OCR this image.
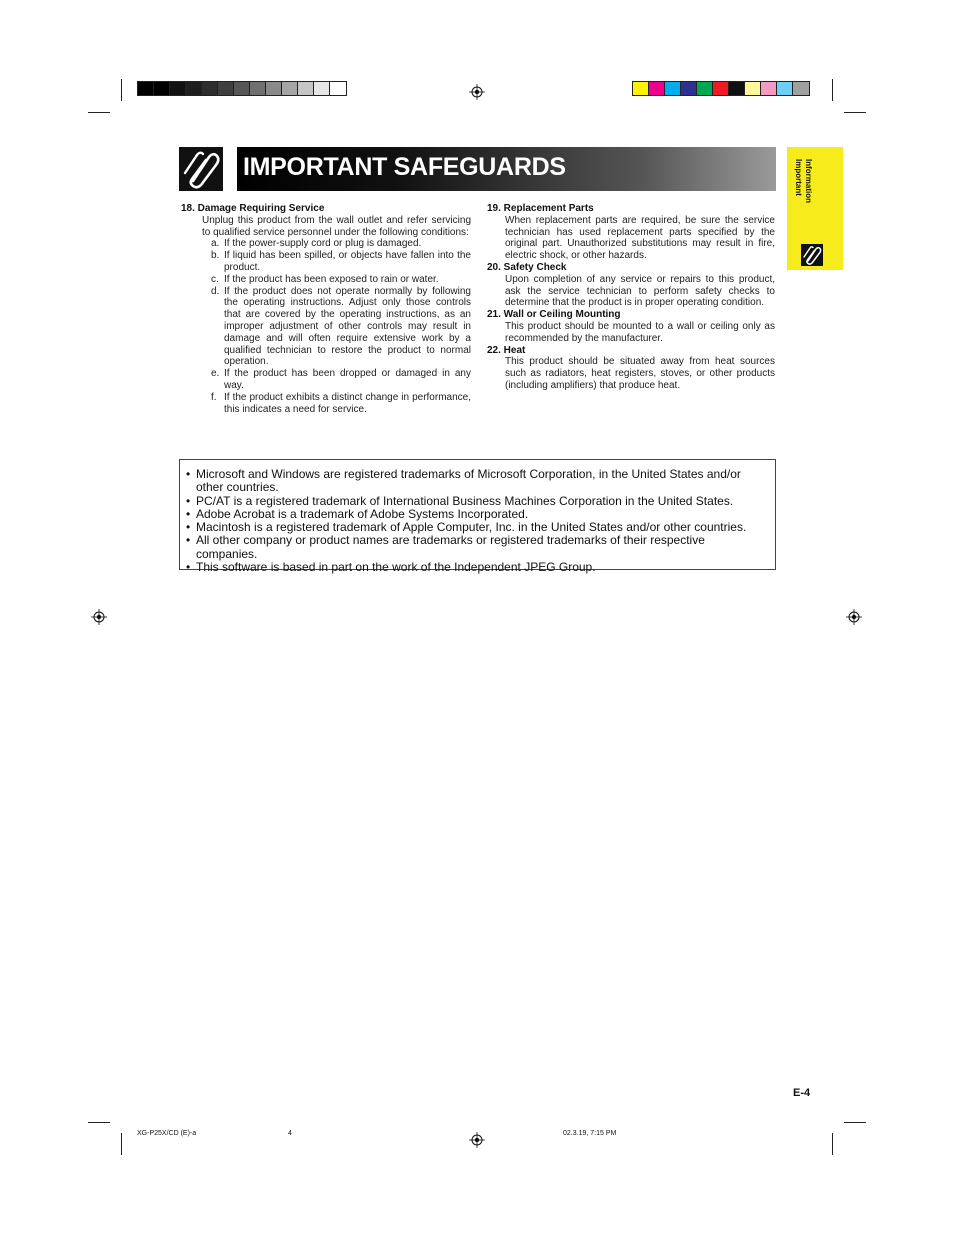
IMPORTANT SAFEGUARDS	Important Information

18. Damage Requiring Service

Unplug this product from the wall outlet and refer servicing to qualified service personnel under the following conditions:

a. If the power-supply cord or plug is damaged.
b. If liquid has been spilled, or objects have fallen into the product.
c. If the product has been exposed to rain or water.
d. If the product does not operate normally by following the operating instructions. Adjust only those controls that are covered by the operating instructions, as an improper adjustment of other controls may result in damage and will often require extensive work by a qualified technician to restore the product to normal operation.
e. If the product has been dropped or damaged in any way.
f. If the product exhibits a distinct change in performance, this indicates a need for service.

19. Replacement Parts

When replacement parts are required, be sure the service technician has used replacement parts specified by the original part. Unauthorized substitutions may result in fire, electric shock, or other hazards.

20. Safety Check

Upon completion of any service or repairs to this product, ask the service technician to perform safety checks to determine that the product is in proper operating condition.

21. Wall or Ceiling Mounting

This product should be mounted to a wall or ceiling only as recommended by the manufacturer.

22. Heat

This product should be situated away from heat sources such as radiators, heat registers, stoves, or other products (including amplifiers) that produce heat.

• Microsoft and Windows are registered trademarks of Microsoft Corporation, in the United States and/or other countries.
• PC/AT is a registered trademark of International Business Machines Corporation in the United States.
• Adobe Acrobat is a trademark of Adobe Systems Incorporated.
• Macintosh is a registered trademark of Apple Computer, Inc. in the United States and/or other countries.
• All other company or product names are trademarks or registered trademarks of their respective companies.
• This software is based in part on the work of the Independent JPEG Group.
E-4
XG-P25X/CD (E)-a	4	02.3.19, 7:15 PM
